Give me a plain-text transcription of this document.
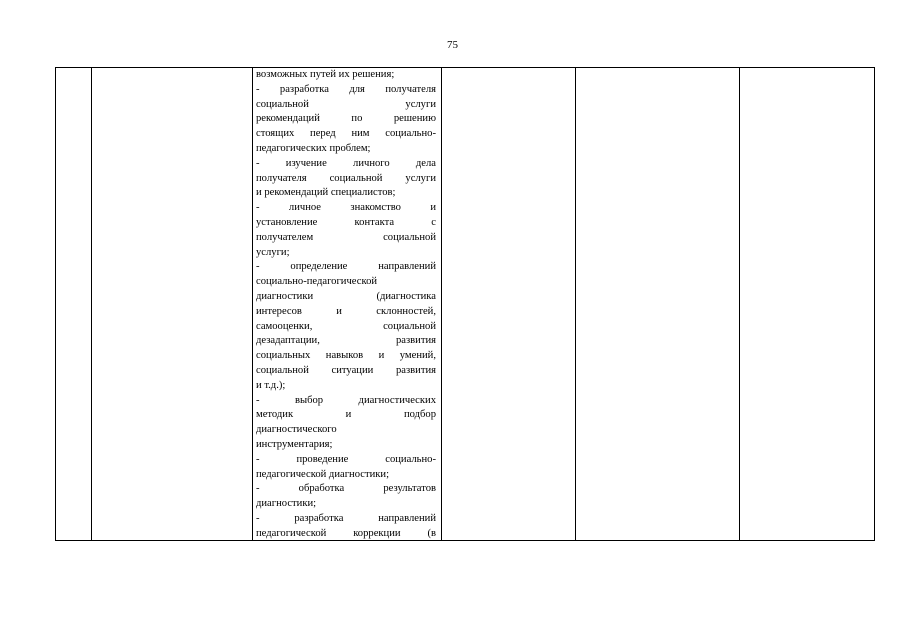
75
возможных путей их решения;
- разработка для получателя
социальной услуги
рекомендаций по решению
стоящих перед ним социально-
педагогических проблем;
- изучение личного дела
получателя социальной услуги
и рекомендаций специалистов;
- личное знакомство и
установление контакта с
получателем социальной
услуги;
- определение направлений
социально-педагогической
диагностики (диагностика
интересов и склонностей,
самооценки, социальной
дезадаптации, развития
социальных навыков и умений,
социальной ситуации развития
и т.д.);
- выбор диагностических
методик и подбор
диагностического
инструментария;
- проведение социально-
педагогической диагностики;
- обработка результатов
диагностики;
- разработка направлений
педагогической коррекции (в
